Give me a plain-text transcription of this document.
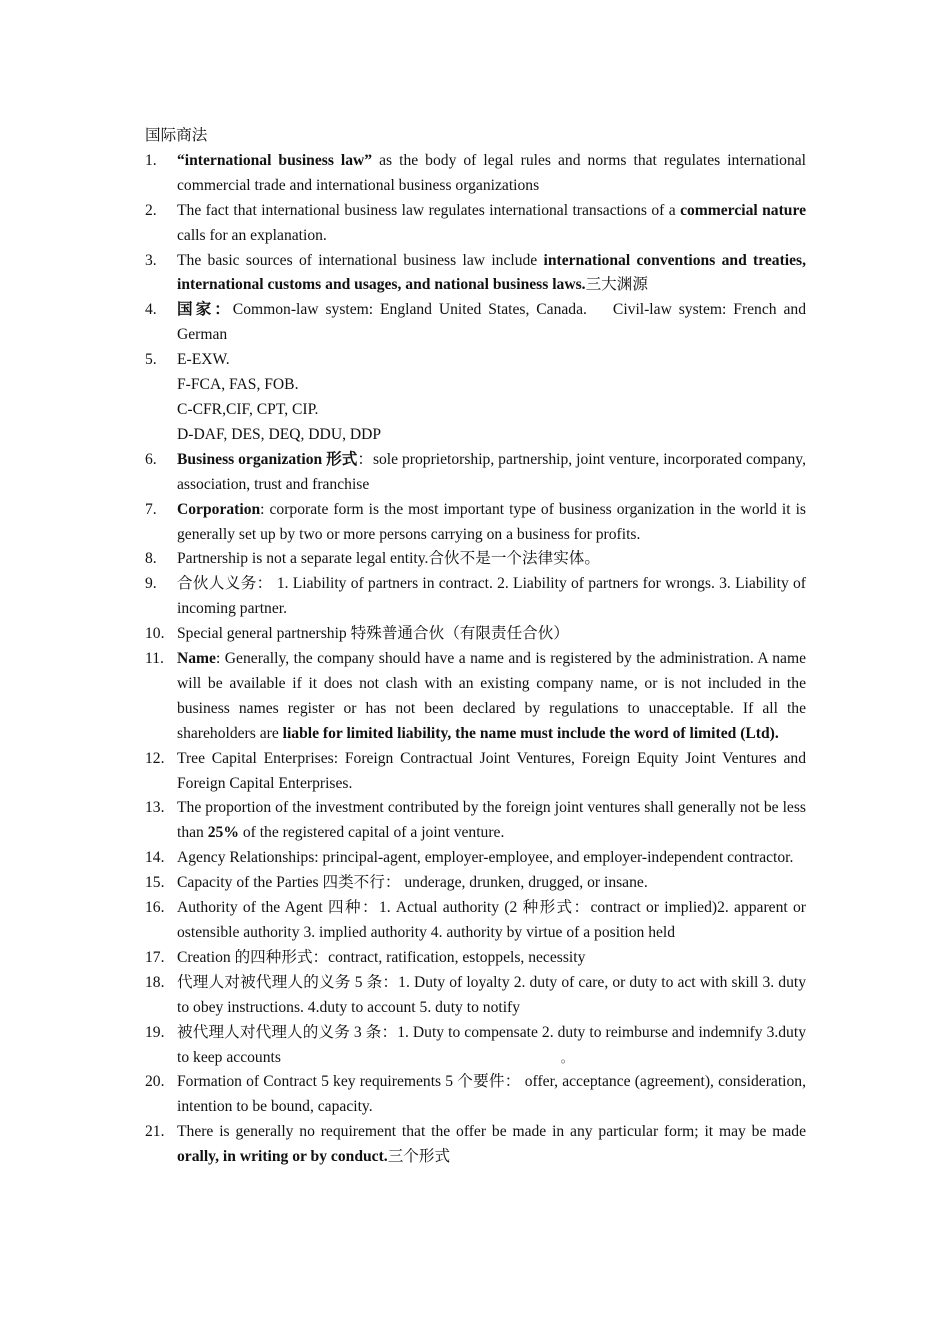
国际商法

1.	“international business law” as the body of legal rules and norms that regulates international commercial trade and international business organizations
2.	The fact that international business law regulates international transactions of a commercial nature calls for an explanation.
3.	The basic sources of international business law include international conventions and treaties, international customs and usages, and national business laws.三大渊源
4.	国家：Common-law system: England United States, Canada. Civil-law system: French and German
5.	E-EXW.
F-FCA, FAS, FOB.
C-CFR,CIF, CPT, CIP.
D-DAF, DES, DEQ, DDU, DDP
6.	Business organization 形式：sole proprietorship, partnership, joint venture, incorporated company, association, trust and franchise
7.	Corporation: corporate form is the most important type of business organization in the world it is generally set up by two or more persons carrying on a business for profits.
8.	Partnership is not a separate legal entity.合伙不是一个法律实体。
9.	合伙人义务： 1. Liability of partners in contract. 2. Liability of partners for wrongs. 3. Liability of incoming partner.
10. Special general partnership 特殊普通合伙（有限责任合伙）
11. Name: Generally, the company should have a name and is registered by the administration. A name will be available if it does not clash with an existing company name, or is not included in the business names register or has not been declared by regulations to unacceptable. If all the shareholders are liable for limited liability, the name must include the word of limited (Ltd).
12. Tree Capital Enterprises: Foreign Contractual Joint Ventures, Foreign Equity Joint Ventures and Foreign Capital Enterprises.
13. The proportion of the investment contributed by the foreign joint ventures shall generally not be less than 25% of the registered capital of a joint venture.
14. Agency Relationships: principal-agent, employer-employee, and employer-independent contractor.
15. Capacity of the Parties 四类不行： underage, drunken, drugged, or insane.
16. Authority of the Agent 四种：1. Actual authority (2 种形式：contract or implied)2. apparent or ostensible authority 3. implied authority 4. authority by virtue of a position held
17. Creation 的四种形式：contract, ratification, estoppels, necessity
18. 代理人对被代理人的义务 5 条：1. Duty of loyalty 2. duty of care, or duty to act with skill 3. duty to obey instructions. 4.duty to account 5. duty to notify
19. 被代理人对代理人的义务 3 条：1. Duty to compensate 2. duty to reimburse and indemnify 3.duty to keep accounts	。
20. Formation of Contract 5 key requirements 5 个要件： offer, acceptance (agreement), consideration, intention to be bound, capacity.
21. There is generally no requirement that the offer be made in any particular form; it may be made orally, in writing or by conduct.三个形式
